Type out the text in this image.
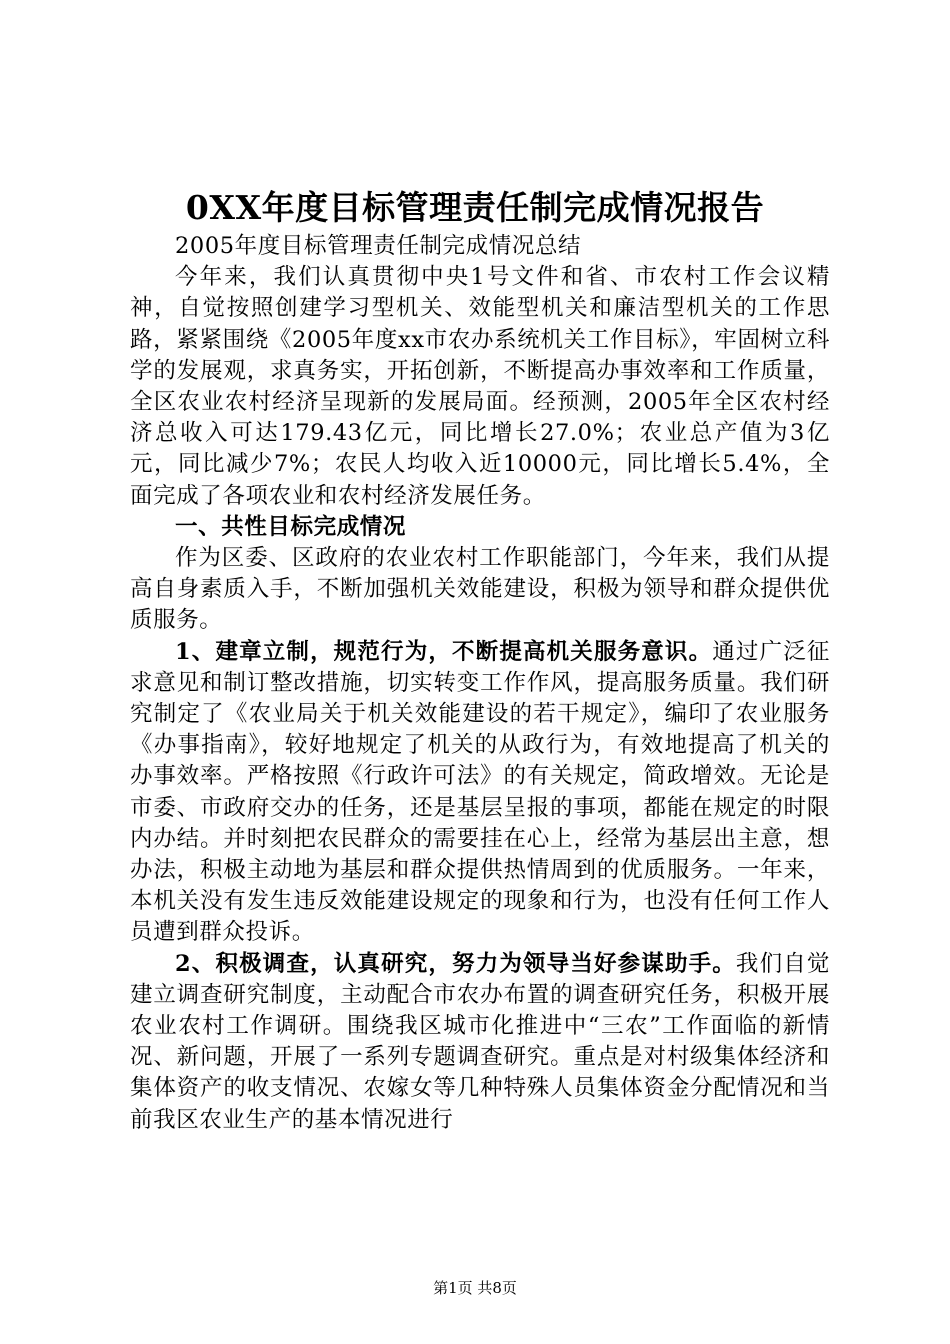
0XX年度目标管理责任制完成情况报告

2005年度目标管理责任制完成情况总结

今年来，我们认真贯彻中央1号文件和省、市农村工作会议精神，自觉按照创建学习型机关、效能型机关和廉洁型机关的工作思路，紧紧围绕《2005年度xx市农办系统机关工作目标》，牢固树立科学的发展观，求真务实，开拓创新，不断提高办事效率和工作质量，全区农业农村经济呈现新的发展局面。经预测，2005年全区农村经济总收入可达179.43亿元，同比增长27.0%；农业总产值为3亿元，同比减少7%；农民人均收入近10000元，同比增长5.4%，全面完成了各项农业和农村经济发展任务。

一、共性目标完成情况

作为区委、区政府的农业农村工作职能部门，今年来，我们从提高自身素质入手，不断加强机关效能建设，积极为领导和群众提供优质服务。

1、建章立制，规范行为，不断提高机关服务意识。通过广泛征求意见和制订整改措施，切实转变工作作风，提高服务质量。我们研究制定了《农业局关于机关效能建设的若干规定》，编印了农业服务《办事指南》，较好地规定了机关的从政行为，有效地提高了机关的办事效率。严格按照《行政许可法》的有关规定，简政增效。无论是市委、市政府交办的任务，还是基层呈报的事项，都能在规定的时限内办结。并时刻把农民群众的需要挂在心上，经常为基层出主意，想办法，积极主动地为基层和群众提供热情周到的优质服务。一年来，本机关没有发生违反效能建设规定的现象和行为，也没有任何工作人员遭到群众投诉。

2、积极调查，认真研究，努力为领导当好参谋助手。我们自觉建立调查研究制度，主动配合市农办布置的调查研究任务，积极开展农业农村工作调研。围绕我区城市化推进中“三农”工作面临的新情况、新问题，开展了一系列专题调查研究。重点是对村级集体经济和集体资产的收支情况、农嫁女等几种特殊人员集体资金分配情况和当前我区农业生产的基本情况进行

第1页 共8页
